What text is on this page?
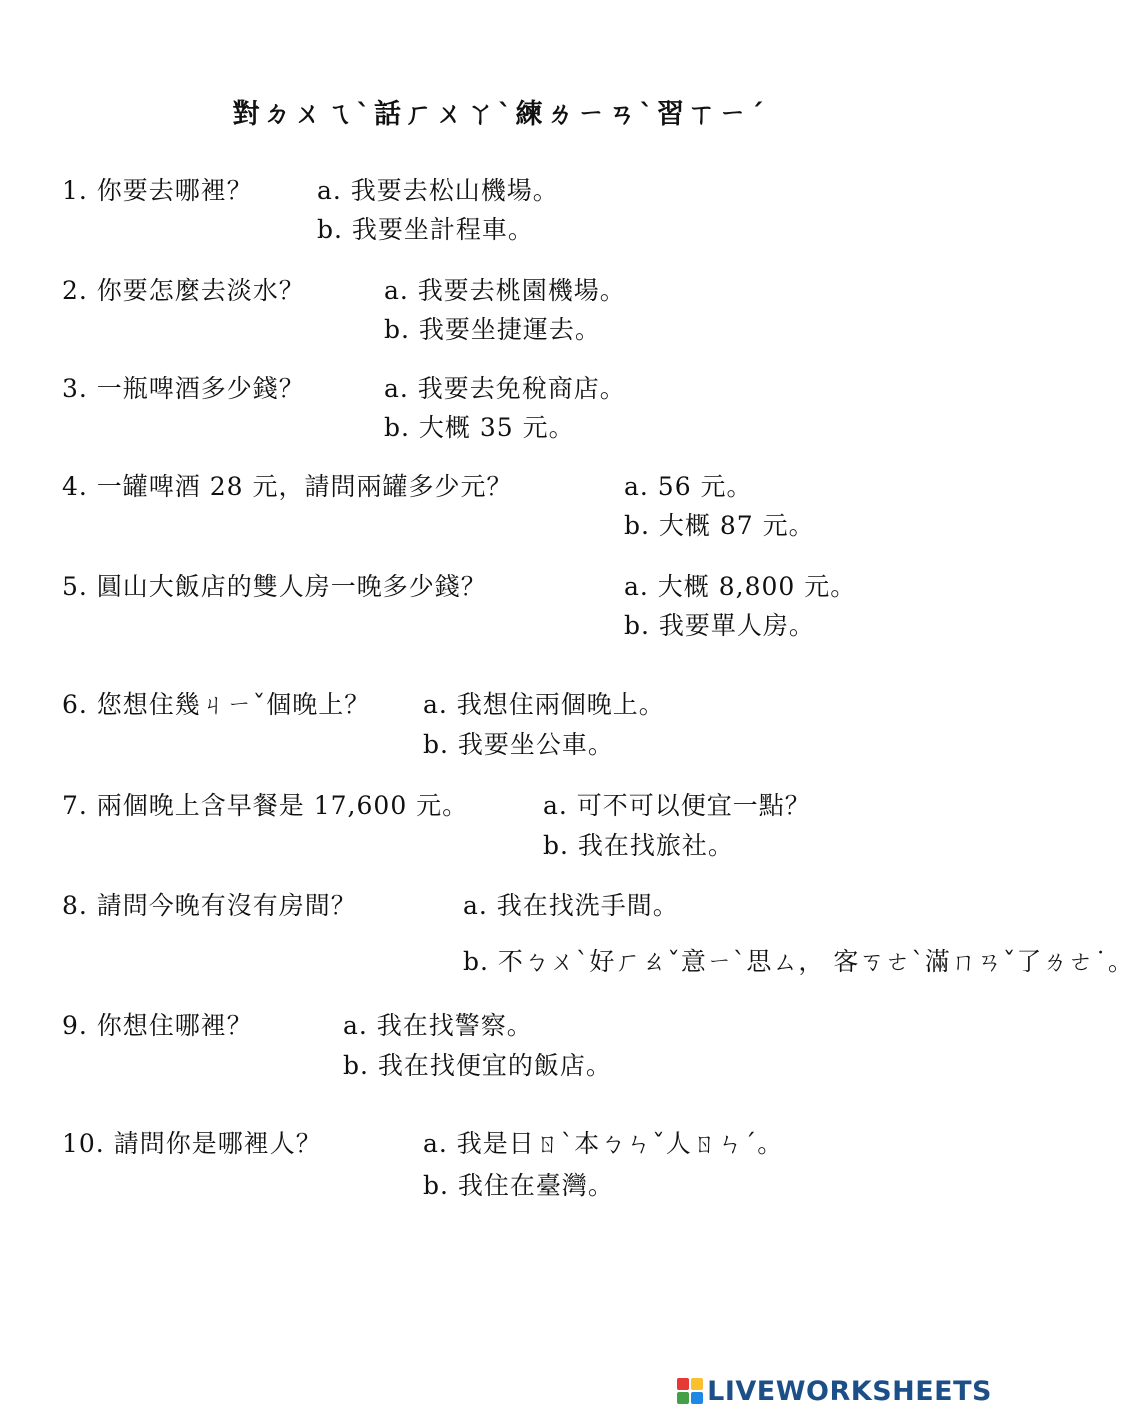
對ㄉㄨㄟˋ話ㄏㄨㄚˋ練ㄌㄧㄢˋ習ㄒㄧˊ
1. 你要去哪裡？	a. 我要去松山機場。
b. 我要坐計程車。
2. 你要怎麼去淡水？	a. 我要去桃園機場。
b. 我要坐捷運去。
3. 一瓶啤酒多少錢？	a. 我要去免稅商店。
b. 大概 35 元。
4. 一罐啤酒 28 元，請問兩罐多少元？	a. 56 元。
b. 大概 87 元。
5. 圓山大飯店的雙人房一晚多少錢？	a. 大概 8,800 元。
b. 我要單人房。
6. 您想住幾ㄐㄧˇ個晚上？ a. 我想住兩個晚上。
b. 我要坐公車。
7. 兩個晚上含早餐是 17,600 元。	a. 可不可以便宜一點？
b. 我在找旅社。
8. 請問今晚有沒有房間？	a. 我在找洗手間。
b. 不ㄅㄨˋ好ㄏㄠˇ意ㄧˋ思ㄙ， 客ㄎㄜˋ滿ㄇㄢˇ了ㄌㄜ˙。
9. 你想住哪裡？	a. 我在找警察。
b. 我在找便宜的飯店。
10. 請問你是哪裡人？	a. 我是日ㄖˋ本ㄅㄣˇ人ㄖㄣˊ。
b. 我住在臺灣。
LIVEWORKSHEETS
